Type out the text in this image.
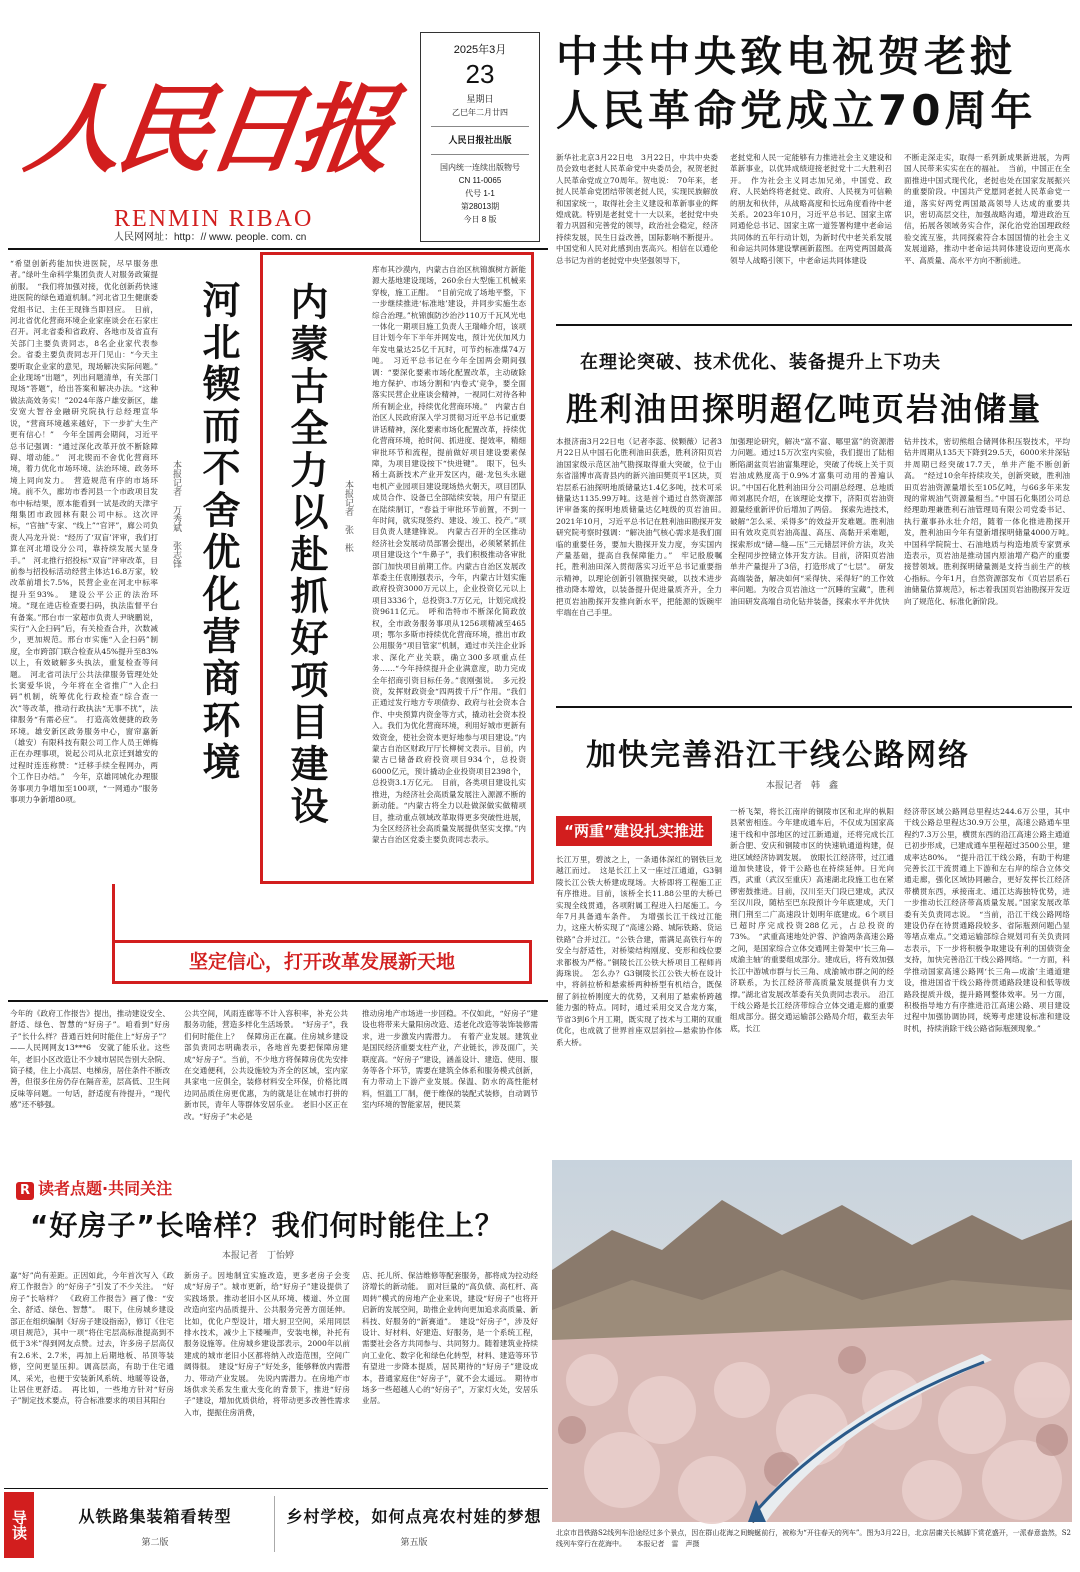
人民日报
RENMIN RIBAO
人民网网址：http：// www. people. com. cn
2025年3月
23
星期日
乙巳年二月廿四
人民日报社出版
国内统一连续出版物号
CN 11-0065
代号 1-1
第28013期
今日 8 版
中共中央致电祝贺老挝
人民革命党成立70周年
新华社北京3月22日电　3月22日，中共中央委员会致电老挝人民革命党中央委员会，祝贺老挝人民革命党成立70周年。贺电说：　70年来，老挝人民革命党团结带领老挝人民，实现民族解放和国家统一，取得社会主义建设和革新事业的辉煌成就。特别是老挝党十一大以来，老挝党中央着力巩固和完善党的领导，政治社会稳定，经济持续发展，民生日益改善，国际影响不断提升。中国党和人民对此感到由衷高兴。相信在以通伦总书记为首的老挝党中央坚强领导下，
老挝党和人民一定能够有力推进社会主义建设和革新事业，以优异成绩迎接老挝党十二大胜利召开。　作为社会主义同志加兄弟，中国党、政府、人民始终将老挝党、政府、人民视为可信赖的朋友和伙伴，从战略高度和长远角度看待中老关系。2023年10月，习近平总书记、国家主席同通伦总书记、国家主席一道签署构建中老命运共同体的五年行动计划，为新时代中老关系发展和命运共同体建设擘画新蓝图。在两党两国最高领导人战略引领下，中老命运共同体建设
不断走深走实，取得一系列新成果新进展，为两国人民带来实实在在的福祉。　当前，中国正在全面推进中国式现代化，老挝也处在国家发展振兴的重要阶段。中国共产党愿同老挝人民革命党一道，落实好两党两国最高领导人达成的重要共识，密切高层交往，加强战略沟通，增进政治互信，拓展各领域务实合作，深化治党治国理政经验交流互鉴，共同探索符合本国国情的社会主义发展道路，推动中老命运共同体建设迈向更高水平、高质量、高水平方向不断前进。
“希望创新药能加快进医院，尽早服务患者。”绿叶生命科学集团负责人对服务政策提前服。　“我们将加强对接，优化创新药快速进医院的绿色通道机制。”河北省卫生健康委党组书记、主任王现锋当即回应。　日前，河北省优化营商环境企业家座谈会在石家庄召开。河北省委和省政府、各地市及省直有关部门主要负责同志，8名企业家代表参会。省委主要负责同志开门见山：“今天主要听取企业家的意见，现场解决实际问题。”　企业现场“出题”，列出问题清单，有关部门现场“答题”，给出答案和解决办法。“这种做法高效务实！”2024年落户雄安新区，雄安宽大智谷金融研究院执行总经理宣华说，“营商环境越来越好，下一步扩大生产更有信心！”　今年全国两会期间，习近平总书记强调：“通过深化改革开放不断除障碍、增动能。”　河北锲而不舍优化营商环境，着力优化市场环境、法治环境、政务环境上同向发力。　营造规范有序的市场环境。前不久，廊坊市香河县一个市政项目发布中标结果，原本能看到一试是改的天津宇翔集团市政园林有限公司中标。这次评标，“官抽”专家、“线上”“官评”，廊公司负责人冯龙升说：“经历了‘双盲’评审，我们打算在河北增设分公司，靠持续发展大显身手。”　河北推行招投标“双盲”评审改革，目前参与招投标活动经营主体达16.8万家，较改革前增长7.5%，民营企业在河北中标率提升至93%。　建设公平公正的法治环境。“现在进店检查要扫码，执法监督平台有备案。”邢台市一家超市负责人尹晓鹏说，实行“入企扫码”后，有关检查合并，次数减少，更加规范。邢台市实施“入企扫码”制度，全市跨部门联合检查从45%提升至83%以上，有效破解多头执法，重复检查等问题。　河北省司法厅公共法律服务管理处处长窦爱华说，今年将在全省推广“入企扫码”机制，统筹优化行政检查“综合查一次”等改革，推动行政执法“无事不扰”，法律服务“有需必应”。　打造高效便捷的政务环境。雄安新区政务服务中心，窗帘嘉新（雄安）有限科技有限公司工作人员王婵梅正在办理事项，说起公司从北京迁到雄安的过程时连连称赞：“迁移手续全程网办，两个工作日办结。”　今年，京雄同城化办理服务事项力争增加至100项，“一网通办”服务事项力争新增80项。
河北锲而不舍优化营商环境
本报记者　万秀斌　张志锋	内蒙古全力以赴抓好项目建设 本报记者　张　枨
库布其沙漠内，内蒙古自治区杭锦旗树方新能源大基地建设现场，260余台大型施工机械来穿梭，施工正酣。　“目前完成了场地平整，下一步继续推进‘标准地’建设，并同步实施生态综合治理。”杭锦旗防沙治沙110万千瓦风光电一体化一期项目施工负责人王瑞峰介绍，该项目计划今年下半年并网发电，预计光伏加风力年发电量达25亿千瓦时，可节约标准煤74万吨。　习近平总书记在今年全国两会期间强调：“要深化要素市场化配置改革，主动破除地方保护、市场分割和‘内卷式’竞争，要全面落实民营企业座谈会精神，一视同仁对待各种所有制企业，持续优化营商环境。”　内蒙古自治区人民政府深入学习贯彻习近平总书记重要讲话精神，深化要素市场化配置改革，持续优化营商环境，抢时间、抓进度、提效率，精细审批环节和流程，提前做好项目建设要素保障，为项目建设按下“快进键”。　眼下，包头稀土高新技术产业开发区内，磁·龙包头永磁电机产业园项目建设现场热火朝天，项目团队成员合作、设备已全部陆续安装，用户有望正在陆续制订，“春益于审批环节前置，不到一年时间，就实现签约、建设、竣工、投产。”项目负责人建建锋说。　内蒙古召开的全区推动经济社会发展动员部署会提出，必须紧紧抓住项目建设这个“牛鼻子”，我们积极推动各审批部门加快项目前期工作。内蒙古自治区发展改革委主任袁刚强表示，今年，内蒙古计划实施政府投资3000万元以上，企业投资亿元以上项目3336个，总投资3.7万亿元，计划完成投资9611亿元。　呼和浩特市不断深化简政放权，全市政务服务事项从1256项精减至465项；鄂尔多斯市持续优化营商环境，推出市政公用服务“项目管家”机制，通过市关注企业诉求、深化产业关联，确立300多项重点任务……“今年持续提升企业满意度，助力完成全年招商引资目标任务。”袁刚强说。　多元投资，发挥财政资金“四两拨千斤”作用。“我们正通过发行地方专项债券、政府与社会资本合作、中央预算内资金等方式，撬动社会资本投入。我们为优化营商环境，利用好城市更新有效资金，使社会资本更好地参与项目建设。”内蒙古自治区财政厅厅长柳树文表示。目前，内蒙古已储备政府投资项目934个，总投资6000亿元，预计撬动企业投资项目2398个，总投资3.1万亿元。　目前，各类项目建设扎实推进，为经济社会高质量发展注入源源不断的新动能。“内蒙古将全力以赴做深做实做精项目，推动重点领域改革取得更多突破性进展，为全区经济社会高质量发展提供坚实支撑。”内蒙古自治区党委主要负责同志表示。
坚定信心，打开改革发展新天地
在理论突破、技术优化、装备提升上下功夫
胜利油田探明超亿吨页岩油储量
本报济南3月22日电（记者李蕊、侯颗薇）记者3月22日从中国石化胜利油田获悉，胜利济阳页岩油国家级示范区油气勘探取得重大突破，位于山东省淄博市高青县内的新兴油田樊页平1区块，页岩层系石油探明地质储量达1.4亿多吨，技术可采储量达1135.99万吨。这是首个通过自然资源部评审备案的探明地质储量达亿吨级的页岩油田。　2021年10月，习近平总书记在胜利油田勘探开发研究院考察时强调：“解决油气核心需求是我们面临的重要任务，要加大勘探开发力度，夯实国内产量基础，提高自我保障能力。”　牢记殷殷嘱托，胜利油田深入贯彻落实习近平总书记重要指示精神，以理论创新引领勘探突破，以技术进步推动降本增效，以装备提升促进量质齐升，全力把页岩油勘探开发推向新水平，把能源的饭碗牢牢端在自己手里。
加强理论研究，解决“富不富、哪里富”的资源潜力问题。通过15万次室内实验，我们提出了陆相断陷湖盆页岩油富集理论，突破了传统上关于页岩油成熟度高于0.9%才富集可动用的普遍认识。”中国石化胜利油田分公司副总经理、总地质师刘惠民介绍，在该理论支撑下，济阳页岩油资源量经重新评价后增加了两倍。　探索先进技术，破解“怎么采、采得多”的效益开发难题。胜利油田有效攻克页岩油高温、高压、高黏开采难题，探索形成“储—缝—压”三元储层评价方法，攻关全程同步控储立体开发方法。目前，济阳页岩油单井产量提升了3倍，打造形成了“七层”。　研发高端装备，解决如何“采得快、采得好”的工作效率问题。为咬合页岩油这一“沉睡的宝藏”，胜利油田研发高端自动化钻井装备，探索水平井优快
钻井技术，密切熊组合储网体积压裂技术，平均钻井周期从135天下降到29.5天，6000米井深钻井周期已经突破17.7天，单井产能不断创新高。　“经过10余年持续攻关，创新突破，胜利油田页岩油资源量增长至105亿吨，与66多年来发现的常规油气资源量相当。”中国石化集团公司总经理助理兼胜利石油管理局有限公司党委书记、执行董事孙永壮介绍，随着一体化推进勘探开发，胜利油田今年有望新增探明储量4000万吨。　中国科学院院士、石油地质与构造地质专家贾承造表示，页岩油是推动国内原油增产稳产的重要接替领域。胜利探明储量测是支持当前生产的核心指标。今年1月，自然资源部发布《页岩层系石油储量估算规范》，标志着我国页岩油勘探开发迈向了规范化、标准化新阶段。
加快完善沿江干线公路网络
本报记者　韩　鑫
“两重”建设扎实推进
长江万里，碧波之上，一条通体深红的钢铁巨龙越江而过。　这是长江上又一座过江通道，G3铜陵长江公铁大桥建成现场。大桥即将工程施工正有序推进。目前，该桥全长11.88公里的大桥已实现全线贯通，各项附属工程进入扫尾施工。今年7月具备通车条件。　为增强长江干线过江能力，这座大桥实现了“高速公路、城际铁路、货运铁路”合并过江。“公铁合建，需满足高铁行车的安全与舒适性，对桥梁结构刚度、变形和线位要求都极为严格。”铜陵长江公铁大桥项目工程师肖海珠说。　怎么办？G3铜陵长江公铁大桥在设计中，将斜拉桥和悬索桥两种桥型有机结合，既保留了斜拉桥刚度大的优势，又利用了悬索桥跨越能力强的特点。同时，通过采用交叉合龙方案，节省3到6个月工期，既实现了技术与工期的双重优化，也成就了世界首座双层斜拉—悬索协作体系大桥。
一桥飞架，将长江南岸的铜陵市区和北岸的枞阳县紧密相连。今年建成通车后，不仅成为国家高速干线和中部地区的过江新通道，还将完成长江新合肥、安庆和铜陵市区的快速轨通道构建，促进区域经济协调发展。　放眼长江经济带，过江通道加快建设，骨干公路也在持续延伸。日光向西，武重（武汉至重庆）高速湖北段施工也在紧锣密鼓推进。目前，汉川至天门段已建成，武汉至汉川段，随枯至巴东段预计今年底建成，天门荆门荆至二广高速段计划明年底建成。6个项目已超时序完成投资288亿元，占总投资的73%。　“武重高速地处沪蓉、沪渝两条高速公路之间，是国家综合立体交通网主骨架中‘长三角—成渝主轴’的重要组成部分。建成后，将有效加强长江中游城市群与长三角、成渝城市群之间的经济联系，为长江经济带高质量发展提供有力支撑。”湖北省发展改革委有关负责同志表示。　沿江干线公路是长江经济带综合立体交通走廊的重要组成部分。据交通运输部公路局介绍，截至去年底，长江
经济带区域公路网总里程达244.6万公里，其中干线公路总里程达30.9万公里，高速公路通车里程约7.3万公里，横贯东西的沿江高速公路主通道已初步形成，已建成通车里程超过3500公里，建成率达80%。　“提升沿江干线公路，有助于构建完善长江干流贯通上下游和左右岸的综合立体交通走廊，强化区域协同融合，更好发挥长江经济带横贯东西，承接南北、通江达海独特优势，进一步推动长江经济带高质量发展。”国家发展改革委有关负责同志说。　“当前，沿江干线公路网络建设仍存在待贯通路段较多、省际瓶颈问题凸显等堵点难点。”交通运输部综合规划司有关负责同志表示，下一步将积极争取建设有利的国债资金支持，加快完善沿江干线公路网络。“一方面，科学推动国家高速公路网‘长三角—成渝’主通道建设，推进国省干线公路待贯通路段建设和低等级路段提质升级，提升路网整体效率。另一方面，积极指导地方有序推进沿江高速公路、项目建设过程中加强协调协同，统筹考虑建设标准和建设时机，持续消除干线公路省际瓶颈现象。”
今年的《政府工作报告》提出，推动建设安全、舒适、绿色、智慧的“好房子”。咱看到“好房子”长什么样？普通百姓何时能住上“好房子”？　——人民网网友13***6　安就了能乐业。这些年，老旧小区改造让不少城市居民告别大杂院、筒子楼，住上小高层、电梯房，居住条件不断改善，但很多住房仍存在隔音差，层高低、卫生间反味等问题。一句话，舒适度有待提升，“现代感”还不够强。
公共空间，风雨连廊等不计入容积率，补充公共服务功能，营造多样化生活场景。　“好房子”，我们何时能住上？　保障房正在赢。住房城乡建设部负责同志明确表示，各地首先要把保障房建成“好房子”。当前，不少地方将保障房优先安排在交通便利，公共设施较为齐全的区域，室内家具家电一应俱全，装修材料安全环保，价格比周边同品质住房更优惠，为的就是让在城市打拼的新市民，青年人等群体安居乐业。　老旧小区正在改。“好房子”未必是
推动房地产市场进一步回稳。不仅如此，“好房子”建设也将带来大量阳房改造、适老化改造等装饰装修需求，进一步激发内需潜力。　有着产业发展。建筑业是国民经济重要支柱产业，产业链长，涉及面广，关联度高。“好房子”建设，涵盖设计、建造、使用、服务等各个环节，需要在建筑全体系和服务模式创新，有力带动上下游产业发展。保温、防水的高性能材料，恒温工厂制，便于维保的装配式装修，自动调节室内环境的智能家居，便民菜
R 读者点题·共同关注
“好房子”长啥样？我们何时能住上？
本报记者　丁怡婷
嘉“好”尚有差距。正因如此，今年首次写入《政府工作报告》的“好房子”引发了不少关注。　“好房子”长啥样？　《政府工作报告》画了像：“安全、舒适、绿色、智慧”。　眼下，住房城乡建设部正在组织编制《好房子建设指南》，修订《住宅项目规范》，其中一项“将住宅层高标准提高到不低于3米”得到网友点赞。过去，许多房子层高仅有2.6米、2.7米，再加上后期地板、吊顶等装修，空间更显压抑。调高层高，有助于住宅通风、采光，也便于安装新风系统、地暖等设备，让居住更舒适。　再比如，一些地方针对“好房子”制定技术要点，符合标准要求的项目其阳台
新房子。因地制宜实施改造，更多老房子会变成“好房子”。城市更新，给“好房子”建设提供了实践场景。推动老旧小区从环境、楼道、外立面改造向室内品质提升、公共服务完善方面延伸。比如，优化户型设计，增大厨卫空间，采用同层排水技术，减少上下楼噪声，安装电梯，补托有服务设施等。住房城乡建设部表示，2000年以前建成的城市老旧小区都将纳入改造范围，空间广阔得很。　建设“好房子”好处多，能够释放内需潜力、带动产业发展。　先说内需潜力。在房地产市场供求关系发生重大变化的背景下，推进“好房子”建设，增加优质供给，将带动更多改善性需求入市，提振住房消费，
店、托儿所、保洁维修等配套服务，都将成为拉动经济增长的新动能。　面对巨量的“高负债、高杠杆、高周转”模式的房地产企业来说，建设“好房子”也将开启新的发展空间，助推企业转向更加追求高质量、新科技、好服务的“新赛道”。　建设“好房子”，涉及好设计、好材料、好建造、好服务，是一个系统工程，需要社会各方共同参与、共同努力。随着建筑业持续向工业化、数字化和绿色化转型，材料、建造等环节有望进一步降本提质，居民期待的“好房子”建设成本，普通家庭住“好房子”，就不会太遥远。　期待市场多一些超越人心的“好房子”，万家灯火处，安居乐业居。
北京市昌铁路S2线列车沿途经过多个景点，因在群山花海之间蜿蜒前行，被称为“开往春天的列车”。图为3月22日，北京居庸关长城脚下赏花盛开，一派春意盎然，S2线列车穿行在花海中。　　本报记者　雷　声摄
导读	从铁路集装箱看转型
第二版
乡村学校，如何点亮农村娃的梦想
第五版
